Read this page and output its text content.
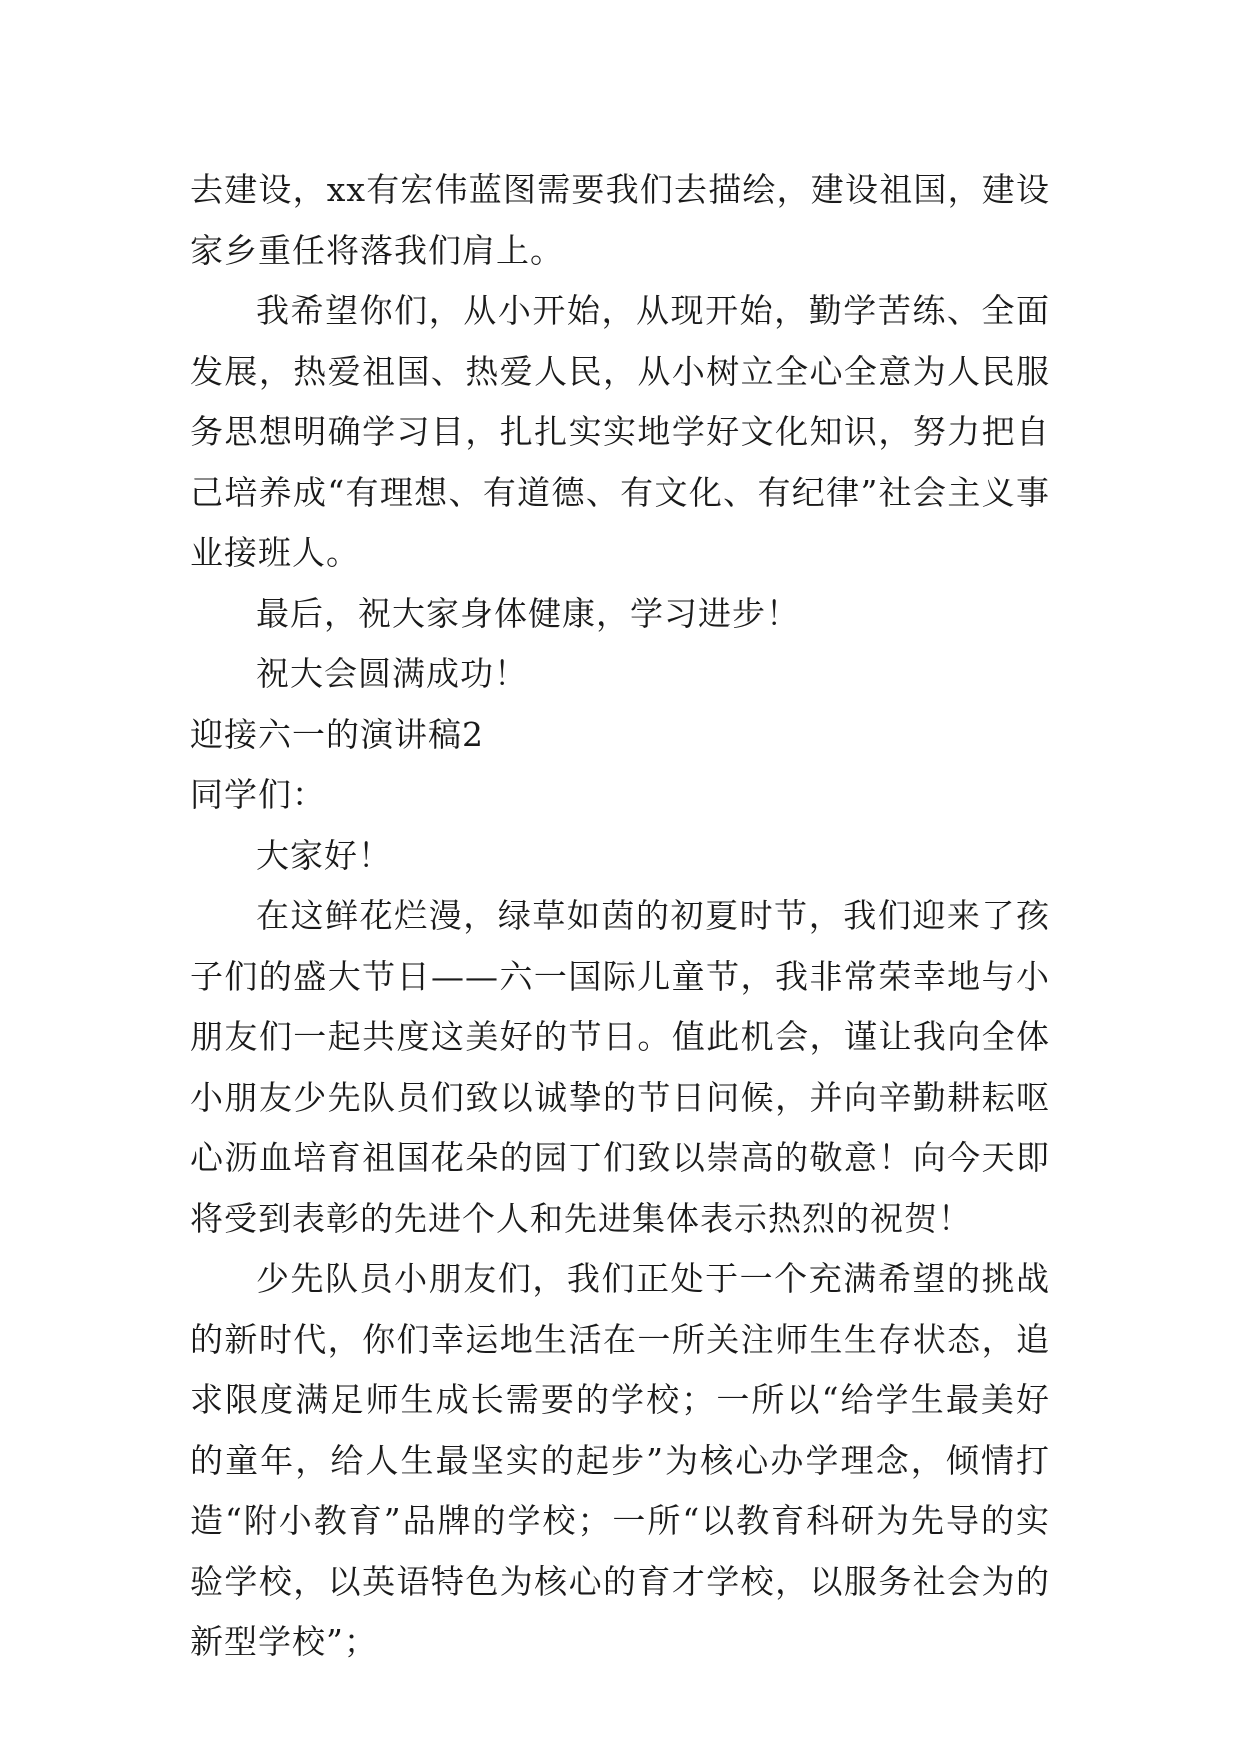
去建设，xx有宏伟蓝图需要我们去描绘，建设祖国，建设家乡重任将落我们肩上。

我希望你们，从小开始，从现开始，勤学苦练、全面发展，热爱祖国、热爱人民，从小树立全心全意为人民服务思想明确学习目，扎扎实实地学好文化知识，努力把自己培养成“有理想、有道德、有文化、有纪律”社会主义事业接班人。

最后，祝大家身体健康，学习进步！

祝大会圆满成功！

迎接六一的演讲稿2

同学们：

大家好！

在这鲜花烂漫，绿草如茵的初夏时节，我们迎来了孩子们的盛大节日——六一国际儿童节，我非常荣幸地与小朋友们一起共度这美好的节日。值此机会，谨让我向全体小朋友少先队员们致以诚挚的节日问候，并向辛勤耕耘呕心沥血培育祖国花朵的园丁们致以崇高的敬意！向今天即将受到表彰的先进个人和先进集体表示热烈的祝贺！

少先队员小朋友们，我们正处于一个充满希望的挑战的新时代，你们幸运地生活在一所关注师生生存状态，追求限度满足师生成长需要的学校；一所以“给学生最美好的童年，给人生最坚实的起步”为核心办学理念，倾情打造“附小教育”品牌的学校；一所“以教育科研为先导的实验学校，以英语特色为核心的育才学校，以服务社会为的新型学校”；
